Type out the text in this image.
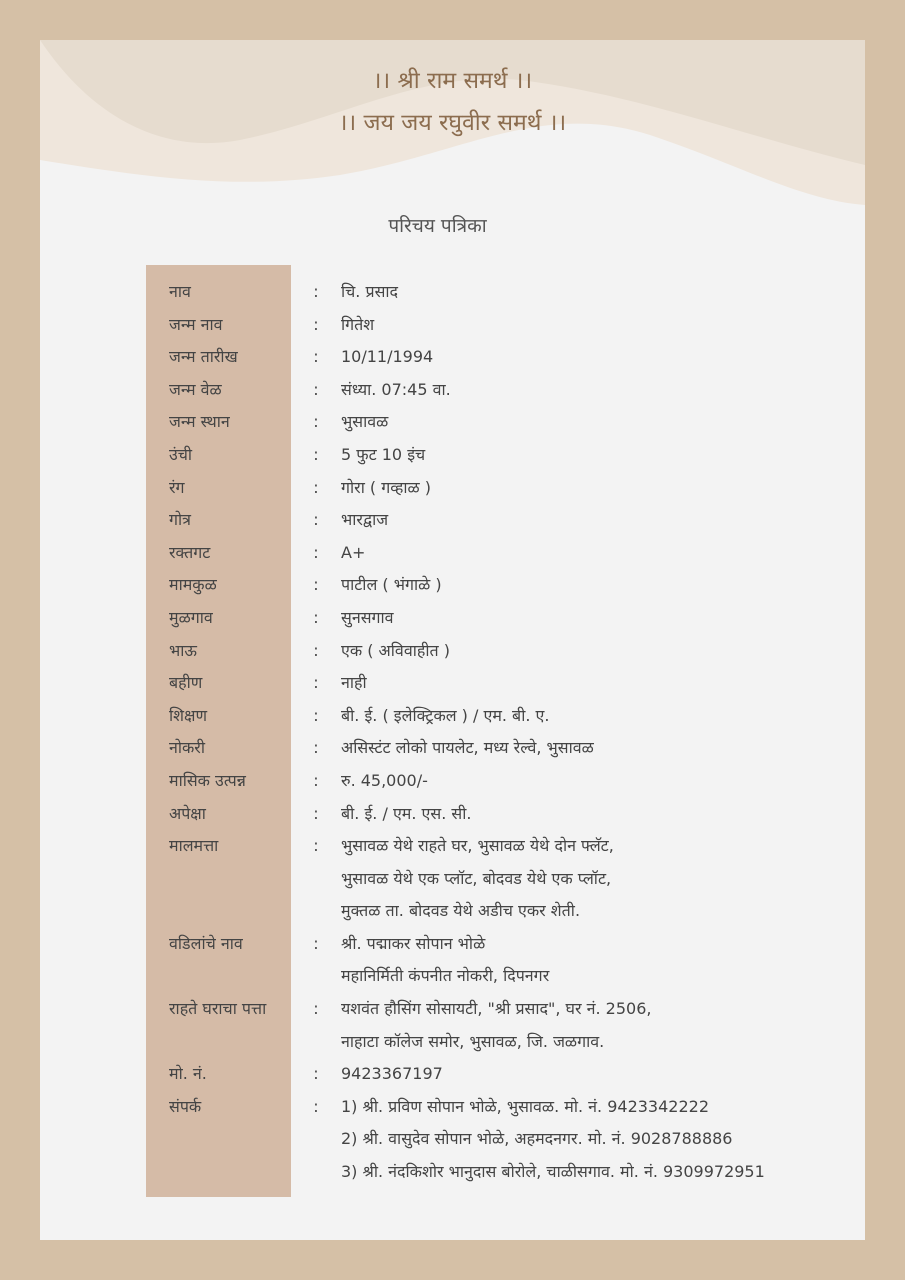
।। श्री राम समर्थ ।।
।। जय जय रघुवीर समर्थ ।।
परिचय पत्रिका
नाव	:	चि. प्रसाद
जन्म नाव	:	गितेश
जन्म तारीख	:	10/11/1994
जन्म वेळ	:	संध्या. 07:45 वा.
जन्म स्थान	:	भुसावळ
उंची	:	5 फुट 10 इंच
रंग	:	गोरा ( गव्हाळ )
गोत्र	:	भारद्वाज
रक्तगट	:	A+
मामकुळ	:	पाटील ( भंगाळे )
मुळगाव	:	सुनसगाव
भाऊ	:	एक ( अविवाहीत )
बहीण	:	नाही
शिक्षण	:	बी. ई. ( इलेक्ट्रिकल ) / एम. बी. ए.
नोकरी	:	असिस्टंट लोको पायलेट, मध्य रेल्वे, भुसावळ
मासिक उत्पन्न	:	रु. 45,000/-
अपेक्षा	:	बी. ई. / एम. एस. सी.
मालमत्ता	:	भुसावळ येथे राहते घर, भुसावळ येथे दोन फ्लॅट,
भुसावळ येथे एक प्लॉट, बोदवड येथे एक प्लॉट,
मुक्तळ ता. बोदवड येथे अडीच एकर शेती.
वडिलांचे नाव	:	श्री. पद्माकर सोपान भोळे
महानिर्मिती कंपनीत नोकरी, दिपनगर
राहते घराचा पत्ता	:	यशवंत हौसिंग सोसायटी, "श्री प्रसाद", घर नं. 2506,
नाहाटा कॉलेज समोर, भुसावळ, जि. जळगाव.
मो. नं.	:	9423367197
संपर्क	:	1) श्री. प्रविण सोपान भोळे, भुसावळ. मो. नं. 9423342222
2) श्री. वासुदेव सोपान भोळे, अहमदनगर. मो. नं. 9028788886
3) श्री. नंदकिशोर भानुदास बोरोले, चाळीसगाव. मो. नं. 9309972951
